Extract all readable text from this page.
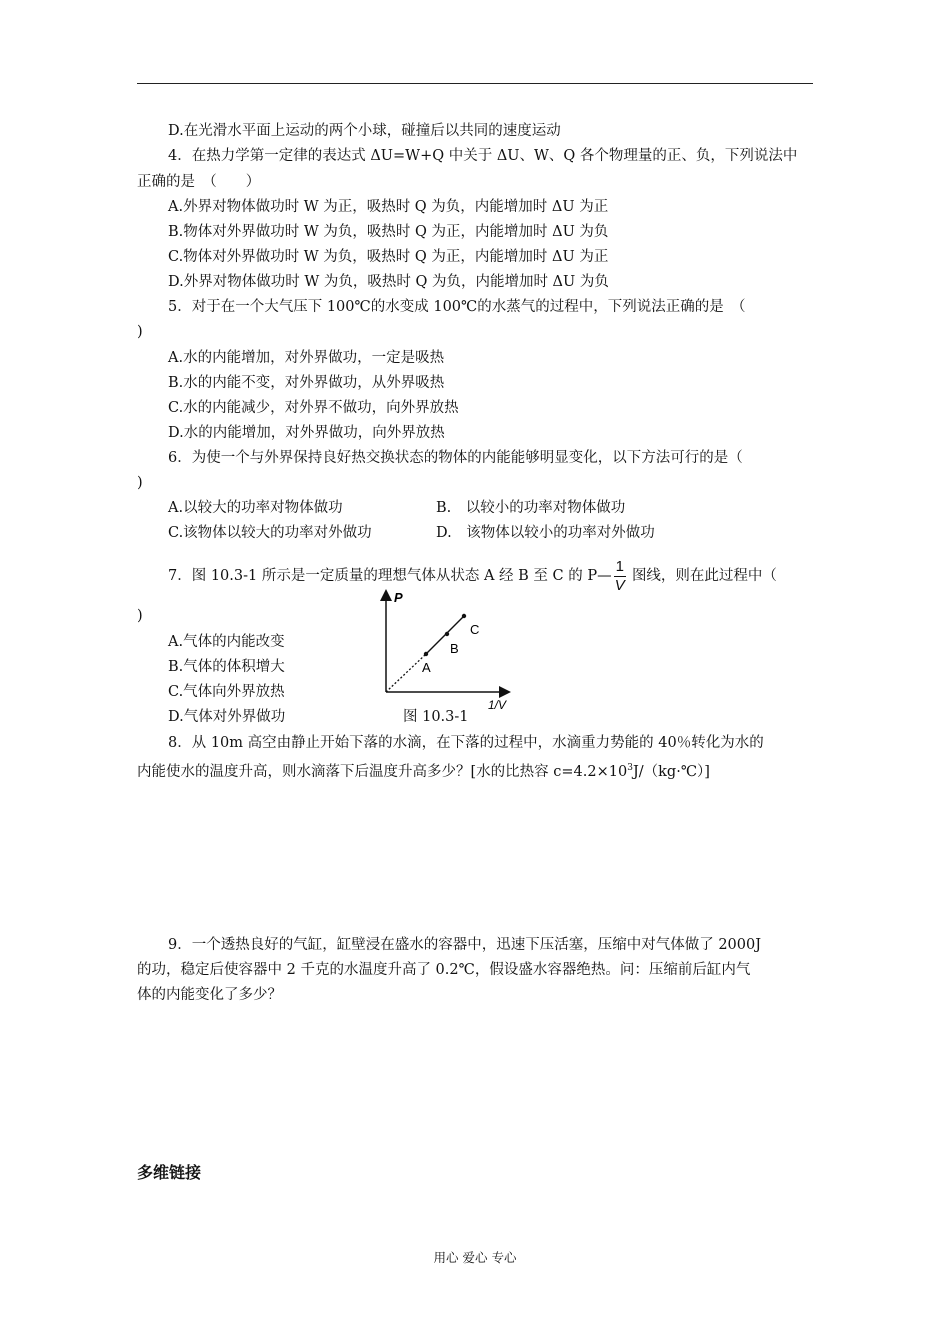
D.在光滑水平面上运动的两个小球，碰撞后以共同的速度运动
4．在热力学第一定律的表达式 ΔU=W+Q 中关于 ΔU、W、Q 各个物理量的正、负，下列说法中
正确的是　（　　）
A.外界对物体做功时 W 为正，吸热时 Q 为负，内能增加时 ΔU 为正
B.物体对外界做功时 W 为负，吸热时 Q 为正，内能增加时 ΔU 为负
C.物体对外界做功时 W 为负，吸热时 Q 为正，内能增加时 ΔU 为正
D.外界对物体做功时 W 为负，吸热时 Q 为负，内能增加时 ΔU 为负
5．对于在一个大气压下 100℃的水变成 100℃的水蒸气的过程中，下列说法正确的是　（
)
A.水的内能增加，对外界做功，一定是吸热
B.水的内能不变，对外界做功，从外界吸热
C.水的内能减少，对外界不做功，向外界放热
D.水的内能增加，对外界做功，向外界放热
6．为使一个与外界保持良好热交换状态的物体的内能能够明显变化，以下方法可行的是（
)
A.以较大的功率对物体做功	B.　以较小的功率对物体做功
C.该物体以较大的功率对外做功	D.　该物体以较小的功率对外做功
7．图 10.3-1 所示是一定质量的理想气体从状态 A 经 B 至 C 的 P— $\frac{1}{V}$ 图线，则在此过程中（
)
A.气体的内能改变
B.气体的体积增大
C.气体向外界放热
D.气体对外界做功
P
1/V
A
B
C
图 10.3-1
8．从 10m 高空由静止开始下落的水滴，在下落的过程中，水滴重力势能的 40％转化为水的
内能使水的温度升高，则水滴落下后温度升高多少？[水的比热容 $c=4.2\times 10^3J/(kg\cdot℃)$]
9．一个透热良好的气缸，缸壁浸在盛水的容器中，迅速下压活塞，压缩中对气体做了 2000J
的功，稳定后使容器中 2 千克的水温度升高了 0.2℃，假设盛水容器绝热。问：压缩前后缸内气
体的内能变化了多少？
多维链接
用心 爱心 专心
